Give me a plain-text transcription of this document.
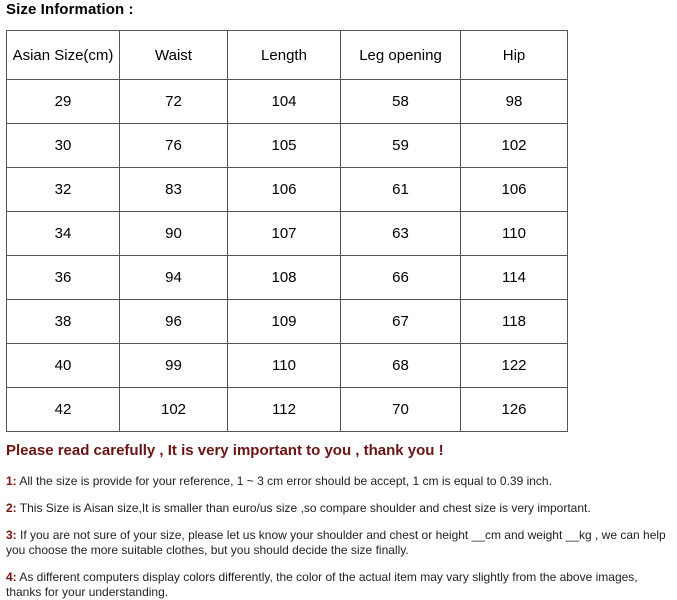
Size Information :
Asian Size(cm)	Waist	Length	Leg opening	Hip
29	72	104	58	98
30	76	105	59	102
32	83	106	61	106
34	90	107	63	110
36	94	108	66	114
38	96	109	67	118
40	99	110	68	122
42	102	112	70	126
Please read carefully , It is very important to you , thank you !
1: All the size is provide for your reference, 1 ~ 3 cm error should be accept, 1 cm is equal to 0.39 inch.
2: This Size is Aisan size,It is smaller than euro/us size ,so compare shoulder and chest size is very important.
3: If you are not sure of your size, please let us know your shoulder and chest or height __cm and weight __kg , we can help you choose the more suitable clothes, but you should decide the size finally.
4: As different computers display colors differently, the color of the actual item may vary slightly from the above images, thanks for your understanding.
